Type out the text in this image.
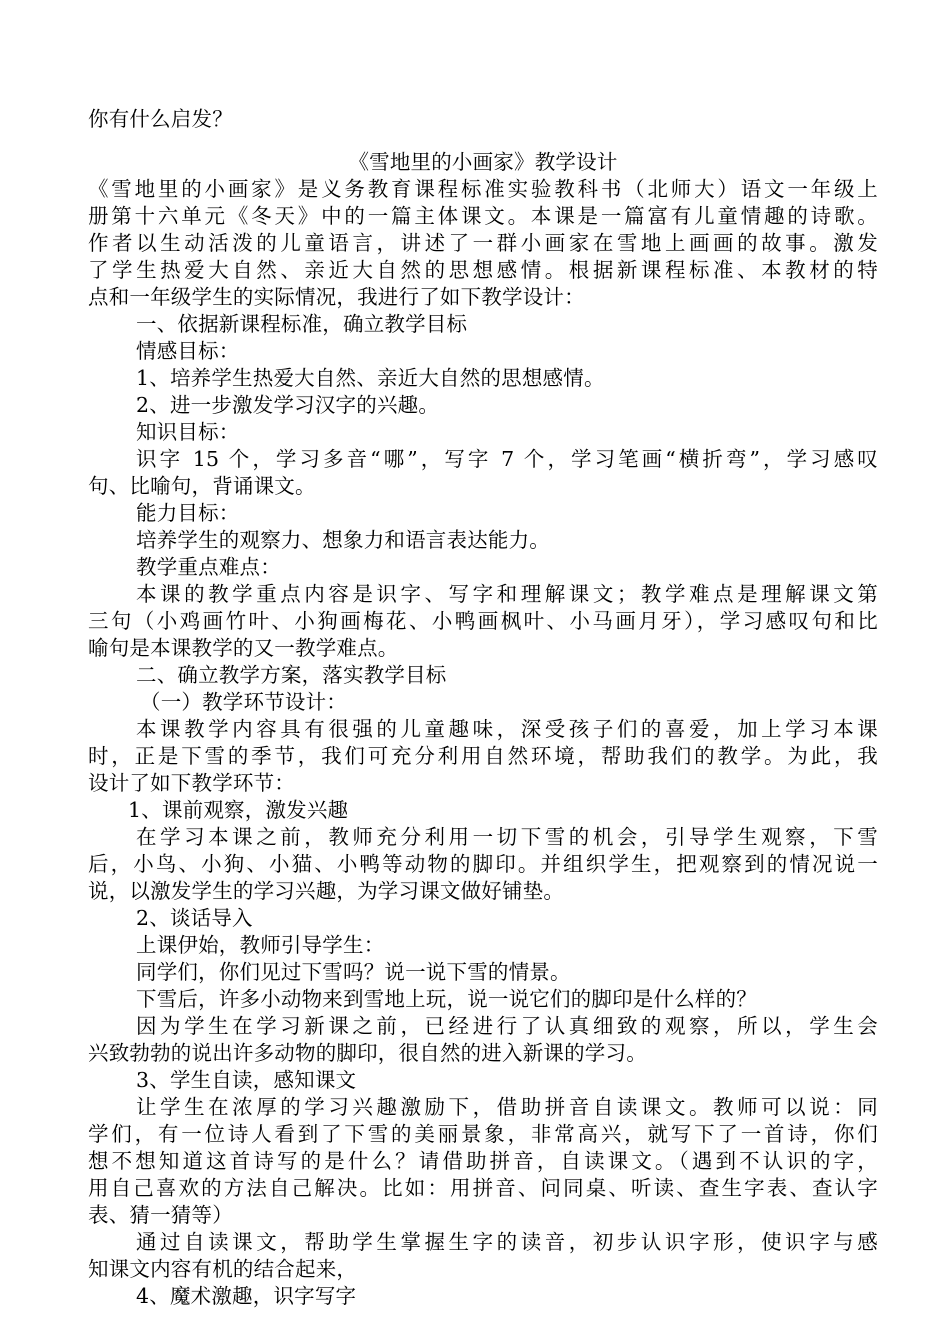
你有什么启发？
《雪地里的小画家》教学设计
《雪地里的小画家》是义务教育课程标准实验教科书（北师大）语文一年级上
册第十六单元《冬天》中的一篇主体课文。本课是一篇富有儿童情趣的诗歌。
作者以生动活泼的儿童语言，讲述了一群小画家在雪地上画画的故事。激发
了学生热爱大自然、亲近大自然的思想感情。根据新课程标准、本教材的特
点和一年级学生的实际情况，我进行了如下教学设计：
一、依据新课程标准，确立教学目标
情感目标：
1、培养学生热爱大自然、亲近大自然的思想感情。
2、进一步激发学习汉字的兴趣。
知识目标：
识字 15 个，学习多音“哪”，写字 7 个，学习笔画“横折弯”，学习感叹
句、比喻句，背诵课文。
能力目标：
培养学生的观察力、想象力和语言表达能力。
教学重点难点：
本课的教学重点内容是识字、写字和理解课文；教学难点是理解课文第
三句（小鸡画竹叶、小狗画梅花、小鸭画枫叶、小马画月牙），学习感叹句和比
喻句是本课教学的又一教学难点。
二、确立教学方案，落实教学目标
（一）教学环节设计：
本课教学内容具有很强的儿童趣味，深受孩子们的喜爱，加上学习本课
时，正是下雪的季节，我们可充分利用自然环境，帮助我们的教学。为此，我
设计了如下教学环节：
1、课前观察，激发兴趣
在学习本课之前，教师充分利用一切下雪的机会，引导学生观察，下雪
后，小鸟、小狗、小猫、小鸭等动物的脚印。并组织学生，把观察到的情况说一
说，以激发学生的学习兴趣，为学习课文做好铺垫。
2、谈话导入
上课伊始，教师引导学生：
同学们，你们见过下雪吗？说一说下雪的情景。
下雪后，许多小动物来到雪地上玩，说一说它们的脚印是什么样的？
因为学生在学习新课之前，已经进行了认真细致的观察，所以，学生会
兴致勃勃的说出许多动物的脚印，很自然的进入新课的学习。
3、学生自读，感知课文
让学生在浓厚的学习兴趣激励下，借助拼音自读课文。教师可以说：同
学们，有一位诗人看到了下雪的美丽景象，非常高兴，就写下了一首诗，你们
想不想知道这首诗写的是什么？请借助拼音，自读课文。（遇到不认识的字，
用自己喜欢的方法自己解决。比如：用拼音、问同桌、听读、查生字表、查认字
表、猜一猜等）
通过自读课文，帮助学生掌握生字的读音，初步认识字形，使识字与感
知课文内容有机的结合起来，
4、魔术激趣，识字写字
